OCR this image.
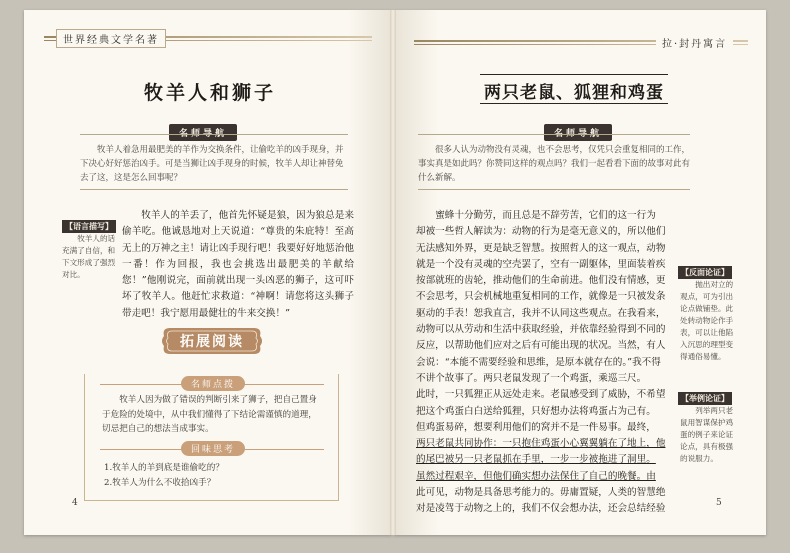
世界经典文学名著
牧羊人和狮子
名师导航
牧羊人着急用最肥美的羊作为交换条件，让偷吃羊的凶手现身，并下决心好好惩治凶手。可是当狮让凶手现身的时候，牧羊人却让神替免去了这，这是怎么回事呢？
【语言描写】
牧羊人的话充满了自信，和下文形成了强烈对比。
牧羊人的羊丢了，他首先怀疑是狼，因为狼总是来偷羊吃。他诚恳地对上天说道：“尊贵的朱庇特！至高无上的万神之主！请让凶手现行吧！我要好好地惩治他一番！作为回报，我也会挑选出最肥美的羊献给您！”他刚说完，面前就出现一头凶恶的狮子，这可吓坏了牧羊人。他赶忙求救道：“神啊！请您将这头狮子带走吧！我宁愿用最健壮的牛来交换！”
拓展阅读
名师点拨
牧羊人因为做了错误的判断引来了狮子，把自己置身于危险的处境中，从中我们懂得了下结论需谨慎的道理，切忌把自己的想法当成事实。
回味思考
1.牧羊人的羊到底是谁偷吃的？
2.牧羊人为什么不收拾凶手？
4
拉·封丹寓言
两只老鼠、狐狸和鸡蛋
名师导航
很多人认为动物没有灵魂，也不会思考，仅凭只会重复相同的工作，事实真是如此吗？你赞同这样的观点吗？我们一起看看下面的故事对此有什么新解。
蜜蜂十分勤劳，而且总是不辞劳苦，它们的这一行为
却被一些哲人解读为：动物的行为是毫无意义的，所以他们
无法感知外界，更是缺乏智慧。按照哲人的这一观点，动物
就是一个没有灵魂的空壳罢了，空有一副躯体，里面装着疾
按部就班的齿轮，推动他们的生命前进。他们没有情感，更
不会思考，只会机械地重复相同的工作，就像是一只被发条
驱动的手表！恕我直言，我并不认同这些观点。在我看来，
动物可以从劳动和生活中获取经验，并依靠经验得到不同的
反应，以帮助他们应对之后有可能出现的状况。当然，有人
会说：“本能不需要经验和思维，是原本就存在的。”我不得
不讲个故事了。两只老鼠发现了一个鸡蛋，乘巡三尺。
此时，一只狐狸正从远处走来。老鼠感受到了威胁，不希望
把这个鸡蛋白白送给狐狸，只好想办法将鸡蛋占为己有。
但鸡蛋易碎，想要利用他们的窝并不是一件易事。最终，
两只老鼠共同协作：一只抱住鸡蛋小心翼翼躺在了地上，他
的尾巴被另一只老鼠抓在手里，一步一步被拖进了洞里。
虽然过程艰辛，但他们确实想办法保住了自己的晚餐。由
此可见，动物是具备思考能力的。毋庸置疑，人类的智慧绝
对是凌驾于动物之上的，我们不仅会想办法，还会总结经验
【反面论证】
抛出对立的观点，可为引出论点做铺垫。此处转动物论作手表，可以让他陷入沉思的理型变得通俗易懂。
【举例论证】
列举两只老鼠用智谋保护鸡蛋的例子来论证论点，具有极强的说服力。
5
